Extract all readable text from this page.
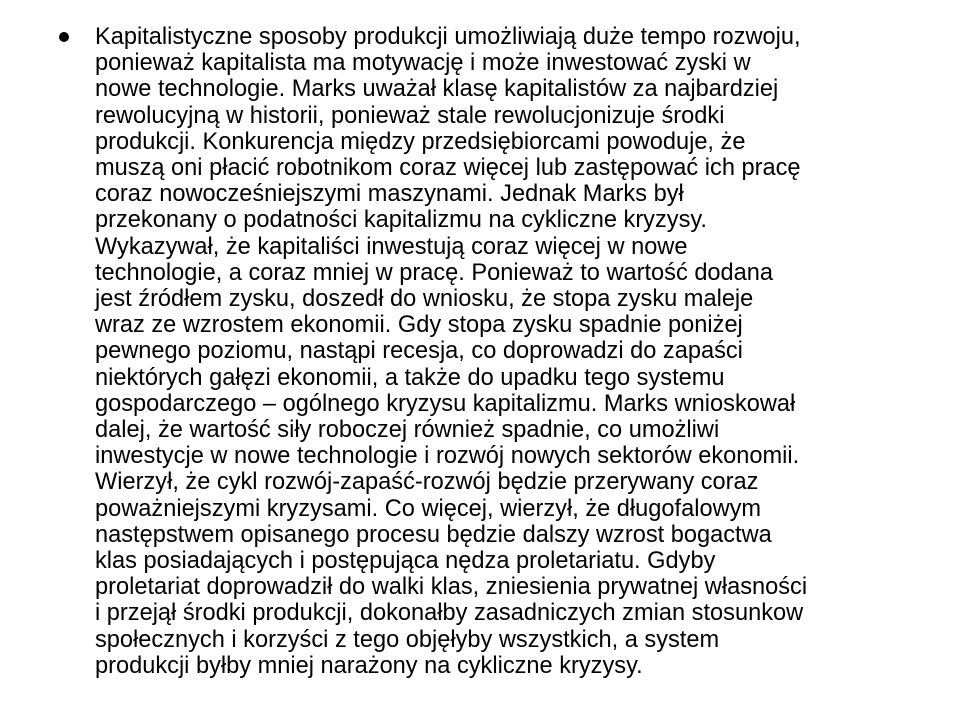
Kapitalistyczne sposoby produkcji umożliwiają duże tempo rozwoju,
ponieważ kapitalista ma motywację i może inwestować zyski w
nowe technologie. Marks uważał klasę kapitalistów za najbardziej
rewolucyjną w historii, ponieważ stale rewolucjonizuje środki
produkcji. Konkurencja między przedsiębiorcami powoduje, że
muszą oni płacić robotnikom coraz więcej lub zastępować ich pracę
coraz nowocześniejszymi maszynami. Jednak Marks był
przekonany o podatności kapitalizmu na cykliczne kryzysy.
Wykazywał, że kapitaliści inwestują coraz więcej w nowe
technologie, a coraz mniej w pracę. Ponieważ to wartość dodana
jest źródłem zysku, doszedł do wniosku, że stopa zysku maleje
wraz ze wzrostem ekonomii. Gdy stopa zysku spadnie poniżej
pewnego poziomu, nastąpi recesja, co doprowadzi do zapaści
niektórych gałęzi ekonomii, a także do upadku tego systemu
gospodarczego – ogólnego kryzysu kapitalizmu. Marks wnioskował
dalej, że wartość siły roboczej również spadnie, co umożliwi
inwestycje w nowe technologie i rozwój nowych sektorów ekonomii.
Wierzył, że cykl rozwój-zapaść-rozwój będzie przerywany coraz
poważniejszymi kryzysami. Co więcej, wierzył, że długofalowym
następstwem opisanego procesu będzie dalszy wzrost bogactwa
klas posiadających i postępująca nędza proletariatu. Gdyby
proletariat doprowadził do walki klas, zniesienia prywatnej własności
i przejął środki produkcji, dokonałby zasadniczych zmian stosunkow
społecznych i korzyści z tego objęłyby wszystkich, a system
produkcji byłby mniej narażony na cykliczne kryzysy.
